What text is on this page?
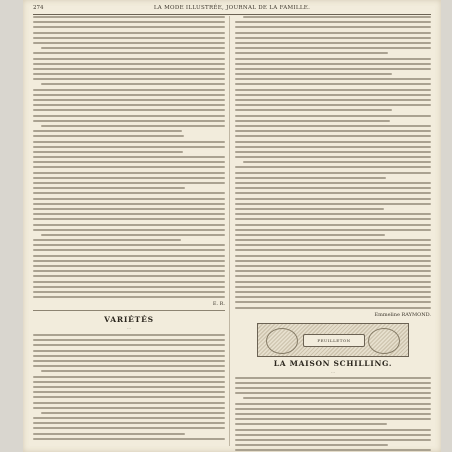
274	LA MODE ILLUSTRÉE, JOURNAL DE LA FAMILLE.
E. R.
VARIÉTÉS
…
Emmeline RAYMOND.
FEUILLETON
LA MAISON SCHILLING.
…
